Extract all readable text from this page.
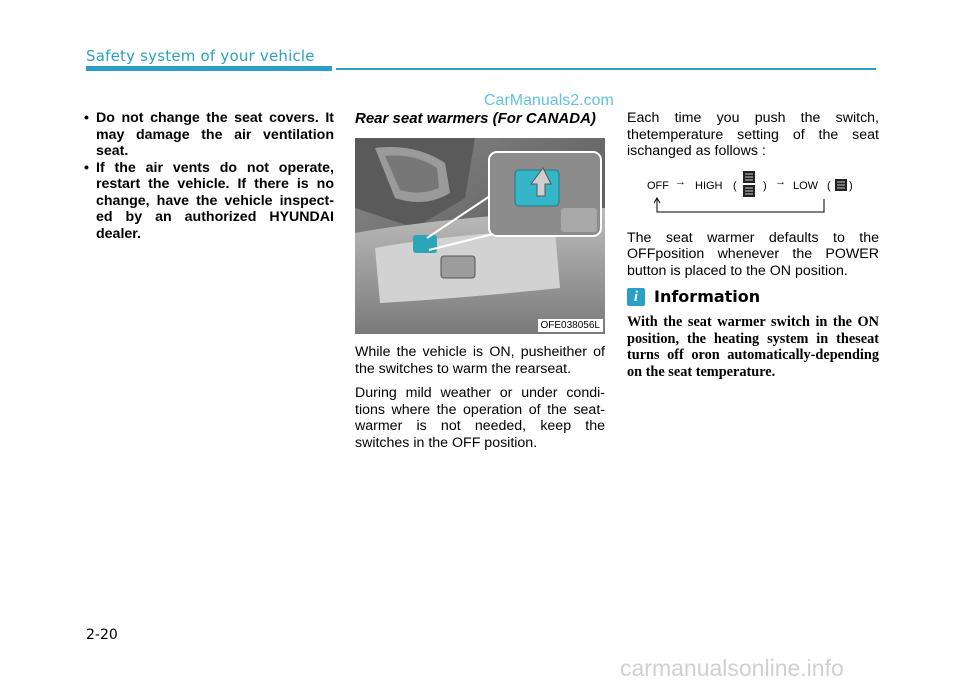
Safety system of your vehicle
CarManuals2.com
• Do not change the seat covers. It may damage the air ventilation seat.
• If the air vents do not operate, restart the vehicle. If there is no change, have the vehicle inspect-ed by an authorized HYUNDAI dealer.
Rear seat warmers (For CANADA)
OFE038056L

While the vehicle is ON, pusheither of the switches to warm the rearseat.

During mild weather or under condi-tions where the operation of the seat-warmer is not needed, keep the switches in the OFF position.

Each time you push the switch, thetemperature setting of the seat ischanged as follows :

OFF → HIGH ( ) → LOW ( )

The seat warmer defaults to the OFFposition whenever the POWER button is placed to the ON position.

i Information

With the seat warmer switch in the ON position, the heating system in theseat turns off oron automatically-depending on the seat temperature.

2-20
carmanualsonline.info
